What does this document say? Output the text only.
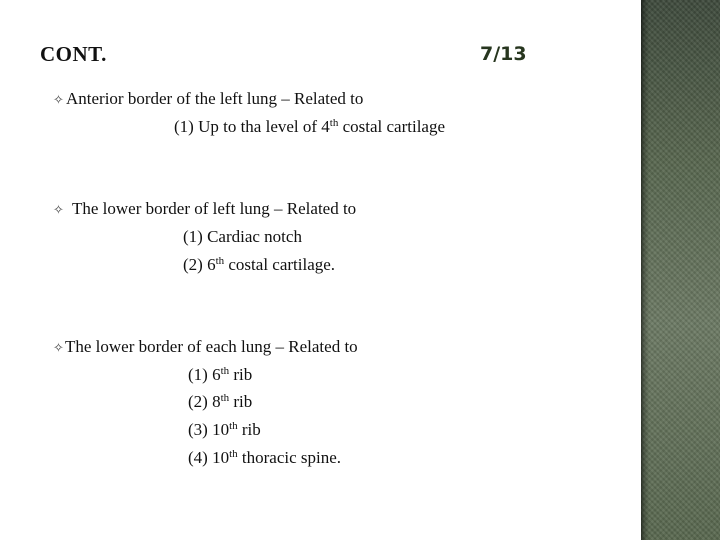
CONT.	7/13
✧ Anterior border of the left lung – Related to
(1) Up to tha level of 4th costal cartilage
✧ The lower border of left lung – Related to
(1) Cardiac notch
(2) 6th costal cartilage.
✧ The lower border of each lung – Related to
(1) 6th rib
(2) 8th rib
(3) 10th rib
(4) 10th thoracic spine.
